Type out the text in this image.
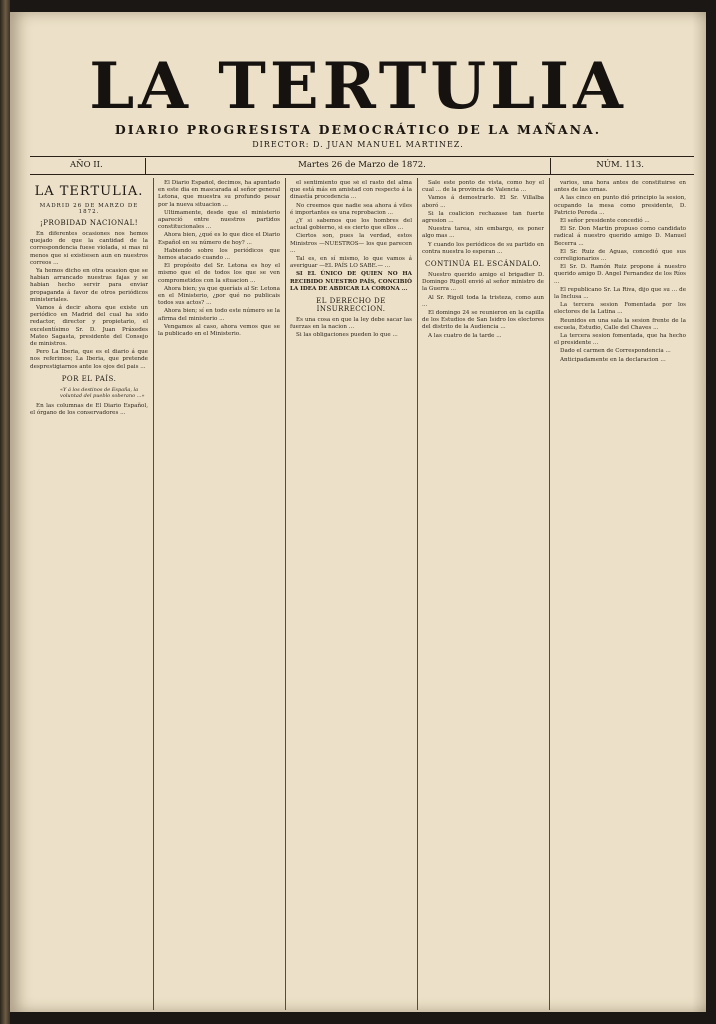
LA TERTULIA
DIARIO PROGRESISTA DEMOCRÁTICO DE LA MAÑANA.
DIRECTOR: D. JUAN MANUEL MARTINEZ.
AÑO II.	Martes 26 de Marzo de 1872.	NÚM. 113.
LA TERTULIA.
MADRID 26 DE MARZO DE 1872.
¡PROBIDAD NACIONAL!

En diferentes ocasiones nos hemos quejado de que la cantidad de la correspondencia fuese violada, si mas ni menos que si existiesen aun en nuestros correos ...

Ya hemos dicho en otra ocasion que se habian arrancado nuestras fajas y se habian hecho servir para enviar propaganda á favor de otros periódicos ministeriales.

Vamos á decir ahora que existe un periódico en Madrid del cual ha sido redactor, director y propietario, el excelentísimo Sr. D. Juan Práxedes Mateo Sagasta, presidente del Consejo de ministros.

Pero La Iberia, que es el diario á que nos referimos; La Iberia, que pretende desprestigiarnos ante los ojos del pais ...

POR EL PAÍS.
«Y á los destinos de España, la voluntad del pueblo soberano ...»

En las columnas de El Diario Español, el órgano de los conservadores ...

El Diario Español, decimos, ha apuntado en este dia en mascarada al señor general Letona, que muestra su profundo pesar por la nueva situacion ...

Ultimamente, desde que el ministerio apareció entre nuestros partidos constitucionales ...

Ahora bien, ¿qué es lo que dice el Diario Español en su número de hoy? ...

Habiendo sobre los periódicos que hemos atacado cuando ...

El propósito del Sr. Letona es hoy el mismo que el de todos los que se ven comprometidos con la situacion ...

Ahora bien; ya que queríais al Sr. Letona en el Ministerio, ¿por qué no publicais todos sus actos? ...

Ahora bien; sí en todo este número se la afirma del ministerio ...

Vengamos al caso, ahora vemos que se la publicado en el Ministerio.

el sentimiento que sé el rasto del alma que está más en amistad con respecto á la dinastía procedencia ...

No creemos que nadie sea ahora á viles é importantes es una reprobacion ...

¿Y si sabemos que los hombres del actual gobierno, si es cierto que ellos ...

Ciertos son, pues la verdad, estos Ministros —NUESTROS— los que parecen ...

Tal es, en sí mismo, lo que vamos á averiguar —EL PAÍS LO SABE.— ...

SI EL ÚNICO DE QUIEN NO HA RECIBIDO NUESTRO PAÍS, CONCIBIÓ LA IDEA DE ABDICAR LA CORONA ...

EL DERECHO DE INSURRECCION.

Es una cosa en que la ley debe sacar las fuerzas en la nacion ...

Si las obligaciones pueden lo que ...

Sale este ponto de vista, como hoy el cual ... de la provincia de Valencia ...

Vamos á demostrarlo. El Sr. Villalba aboró ...

Si la coalicion rechazase tan fuerte agresion ...

Nuestra tarea, sin embargo, es poner algo mas ...

Y cuando los periódicos de su partido en contra nuestra lo esperan ...

CONTINÚA EL ESCÁNDALO.

Nuestro querido amigo el brigadier D. Domingo Rigoll envió al señor ministro de la Guerra ...

Al Sr. Rigoll toda la tristeza, como aun ...

El domingo 24 se reunieron en la capilla de los Estudios de San Isidro los electores del distrito de la Audiencia ...

A las cuatro de la tarde ...

varios, una hora antes de constituirse en antes de las urnas.

A las cinco en punto dió principio la sesion, ocupando la mesa como presidente, D. Patricio Pereda ...

El señor presidente concedió ...

El Sr. Don Martin propuso como candidato radical á nuestro querido amigo D. Manuel Becerra ...

El Sr. Ruiz de Aguas, concedió que sus correligionarios ...

El Sr. D. Ramón Ruiz propone á nuestro querido amigo D. Angel Fernandez de los Ríos ...

El republicano Sr. La Riva, dijo que su ... de la Inclusa ...

La tercera sesion Fomentada por los electores de la Latina ...

Reunidos en una sala la sesion frente de la escuela, Estudio, Calle del Chaves ...

La tercera sesion fomentada, que ha hecho el presidente ...

Dado el carmen de Correspondencia ...

Anticipadamente en la declaracion ...
